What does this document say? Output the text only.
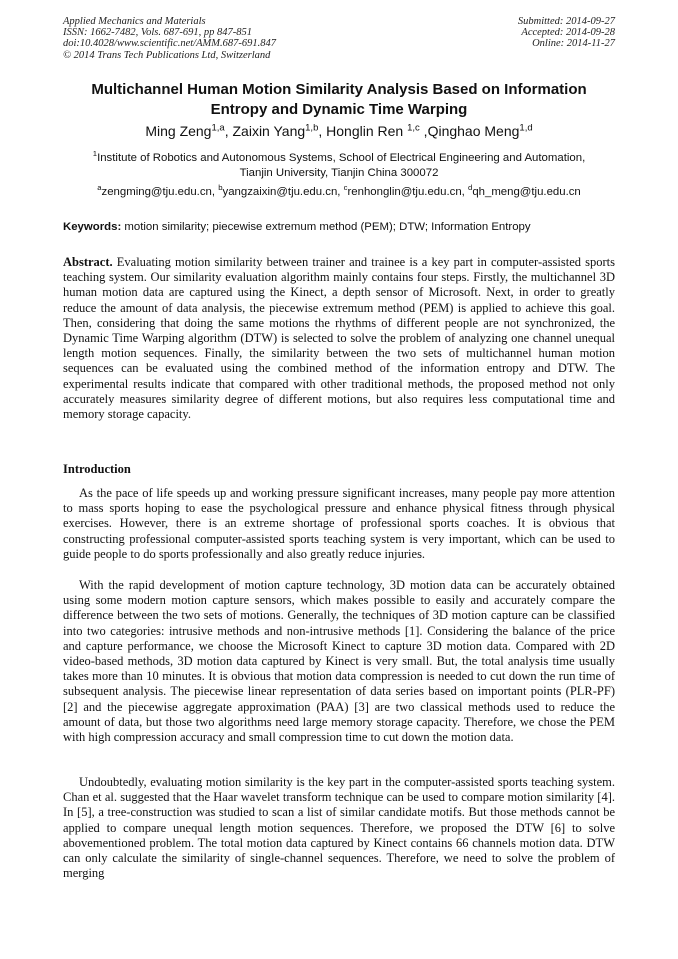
Applied Mechanics and Materials
ISSN: 1662-7482, Vols. 687-691, pp 847-851
doi:10.4028/www.scientific.net/AMM.687-691.847
© 2014 Trans Tech Publications Ltd, Switzerland
Submitted: 2014-09-27
Accepted: 2014-09-28
Online: 2014-11-27
Multichannel Human Motion Similarity Analysis Based on Information
Entropy and Dynamic Time Warping
Ming Zeng$^{1,a}$, Zaixin Yang$^{1,b}$, Honglin Ren $^{1,c}$ ,Qinghao Meng$^{1,d}$
$^1$Institute of Robotics and Autonomous Systems, School of Electrical Engineering and Automation,
Tianjin University, Tianjin China 300072
$^a$zengming@tju.edu.cn, $^b$yangzaixin@tju.edu.cn, $^c$renhonglin@tju.edu.cn, $^d$qh_meng@tju.edu.cn
Keywords: motion similarity; piecewise extremum method (PEM); DTW; Information Entropy
Abstract. Evaluating motion similarity between trainer and trainee is a key part in computer-assisted sports teaching system. Our similarity evaluation algorithm mainly contains four steps. Firstly, the multichannel 3D human motion data are captured using the Kinect, a depth sensor of Microsoft. Next, in order to greatly reduce the amount of data analysis, the piecewise extremum method (PEM) is applied to achieve this goal. Then, considering that doing the same motions the rhythms of different people are not synchronized, the Dynamic Time Warping algorithm (DTW) is selected to solve the problem of analyzing one channel unequal length motion sequences. Finally, the similarity between the two sets of multichannel human motion sequences can be evaluated using the combined method of the information entropy and DTW. The experimental results indicate that compared with other traditional methods, the proposed method not only accurately measures similarity degree of different motions, but also requires less computational time and memory storage capacity.
Introduction
As the pace of life speeds up and working pressure significant increases, many people pay more attention to mass sports hoping to ease the psychological pressure and enhance physical fitness through physical exercises. However, there is an extreme shortage of professional sports coaches. It is obvious that constructing professional computer-assisted sports teaching system is very important, which can be used to guide people to do sports professionally and also greatly reduce injuries.
With the rapid development of motion capture technology, 3D motion data can be accurately obtained using some modern motion capture sensors, which makes possible to easily and accurately compare the difference between the two sets of motions. Generally, the techniques of 3D motion capture can be classified into two categories: intrusive methods and non-intrusive methods [1]. Considering the balance of the price and capture performance, we choose the Microsoft Kinect to capture 3D motion data. Compared with 2D video-based methods, 3D motion data captured by Kinect is very small. But, the total analysis time usually takes more than 10 minutes. It is obvious that motion data compression is needed to cut down the run time of subsequent analysis. The piecewise linear representation of data series based on important points (PLR-PF) [2] and the piecewise aggregate approximation (PAA) [3] are two classical methods used to reduce the amount of data, but those two algorithms need large memory storage capacity. Therefore, we chose the PEM with high compression accuracy and small compression time to cut down the motion data.
Undoubtedly, evaluating motion similarity is the key part in the computer-assisted sports teaching system. Chan et al. suggested that the Haar wavelet transform technique can be used to compare motion similarity [4]. In [5], a tree-construction was studied to scan a list of similar candidate motifs. But those methods cannot be applied to compare unequal length motion sequences. Therefore, we proposed the DTW [6] to solve abovementioned problem. The total motion data captured by Kinect contains 66 channels motion data. DTW can only calculate the similarity of single-channel sequences. Therefore, we need to solve the problem of merging
